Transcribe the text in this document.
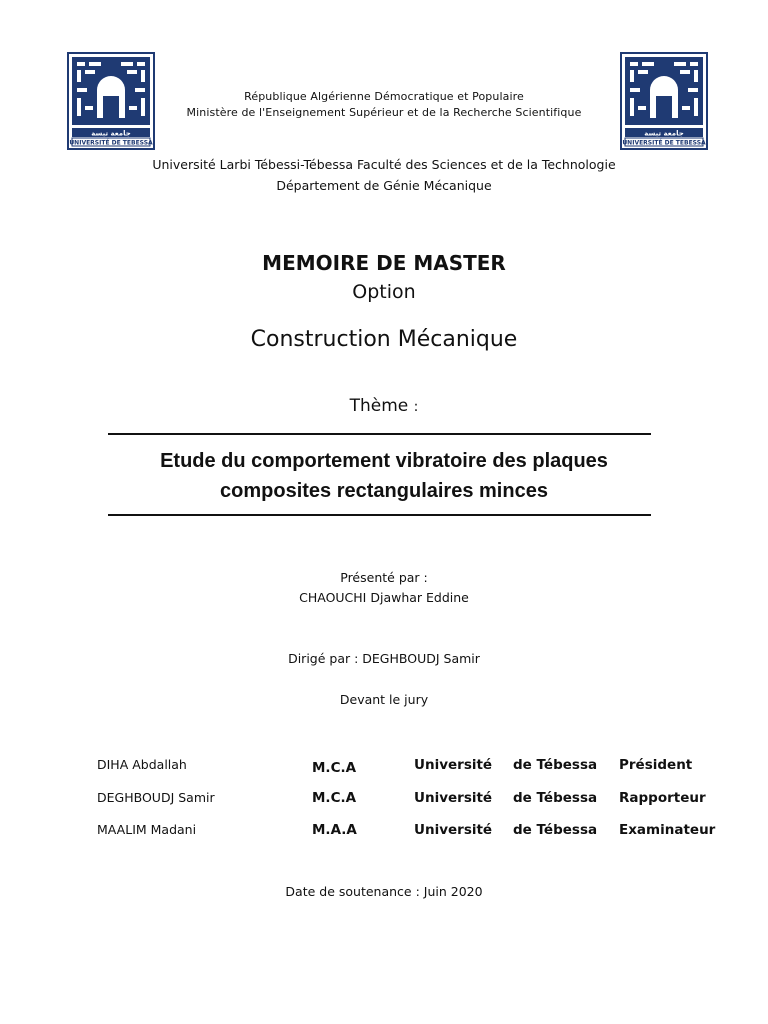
جامعة تبسة
UNIVERSITÉ DE TEBESSA
جامعة تبسة
UNIVERSITÉ DE TEBESSA
République Algérienne Démocratique et Populaire
Ministère de l'Enseignement Supérieur et de la Recherche Scientifique
Université Larbi Tébessi-Tébessa Faculté des Sciences et de la Technologie
Département de Génie Mécanique
MEMOIRE DE MASTER
Option
Construction Mécanique
Thème :
Etude du comportement vibratoire des plaques
composites rectangulaires minces
Présenté par :
CHAOUCHI Djawhar Eddine
Dirigé par : DEGHBOUDJ Samir
Devant le jury
DIHA Abdallah	M.C.A	Université de Tébessa Président
DEGHBOUDJ Samir	M.C.A	Université de Tébessa Rapporteur
MAALIM Madani	M.A.A	Université de Tébessa Examinateur
Date de soutenance : Juin 2020
